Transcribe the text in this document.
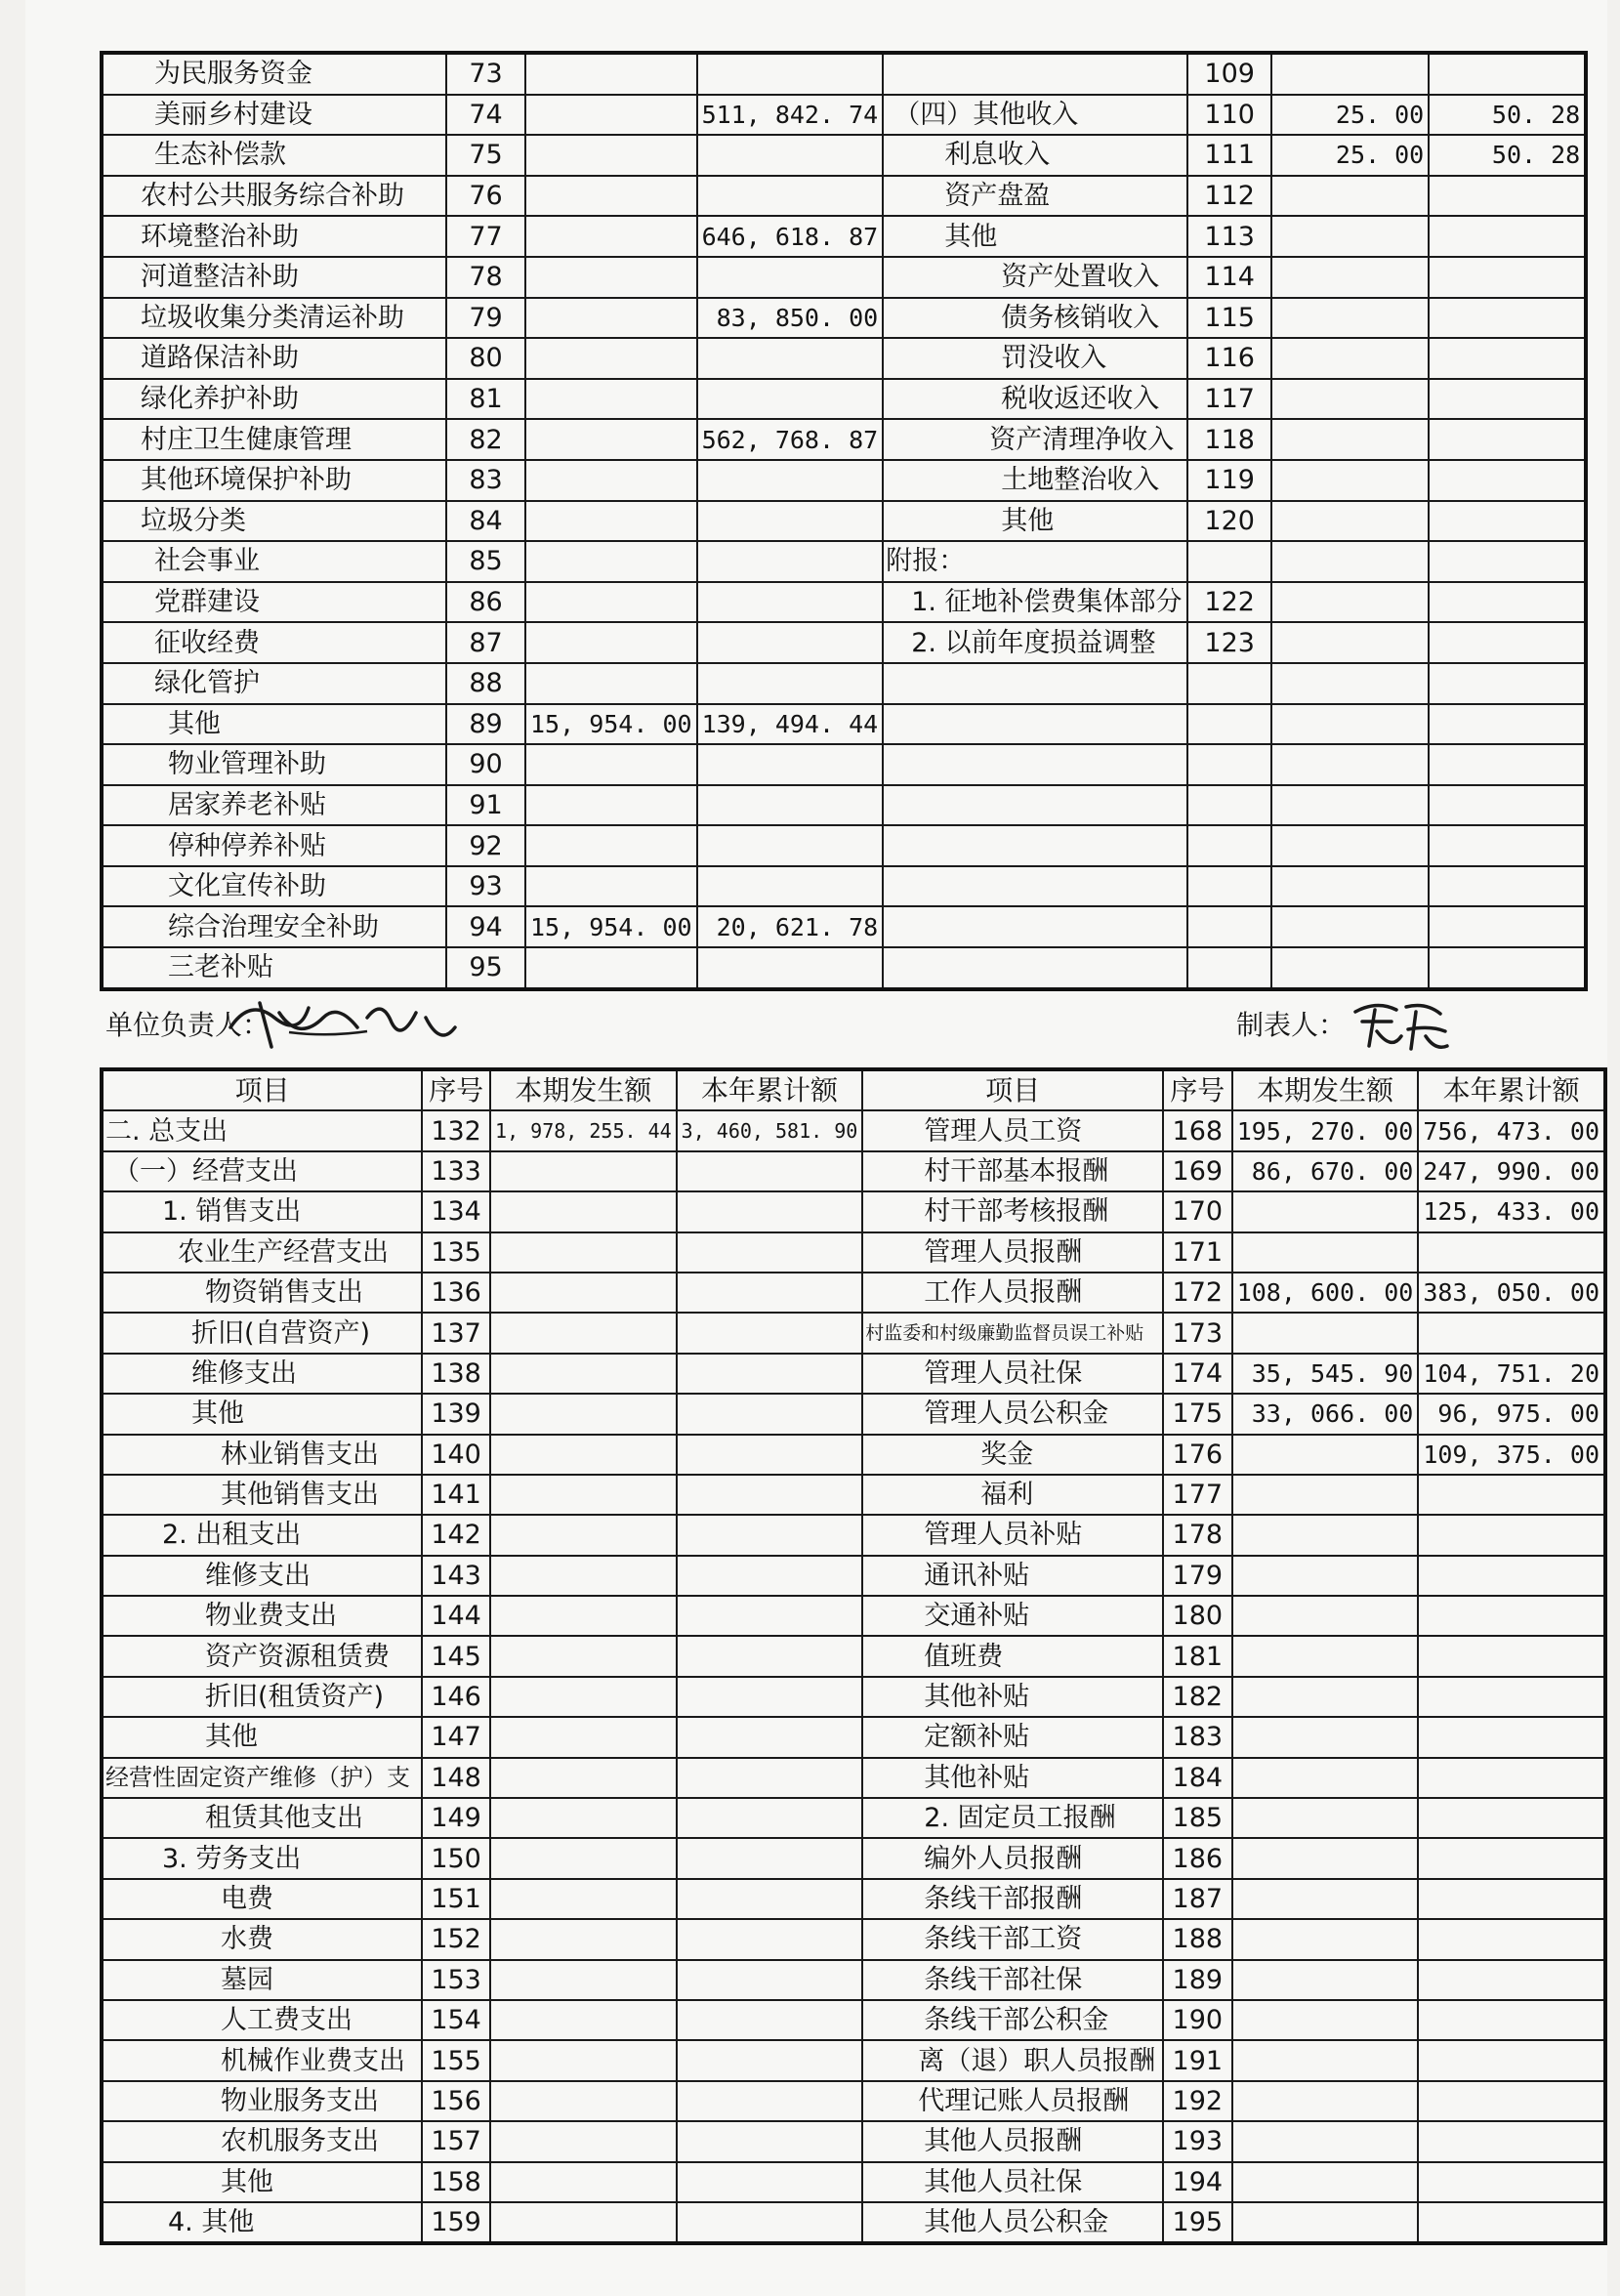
为民服务资金	73				109		
美丽乡村建设	74		511, 842. 74	（四）其他收入	110	25. 00	50. 28
生态补偿款	75			利息收入	111	25. 00	50. 28
农村公共服务综合补助	76			资产盘盈	112		
环境整治补助	77		646, 618. 87	其他	113		
河道整洁补助	78			资产处置收入	114		
垃圾收集分类清运补助	79		83, 850. 00	债务核销收入	115		
道路保洁补助	80			罚没收入	116		
绿化养护补助	81			税收返还收入	117		
村庄卫生健康管理	82		562, 768. 87	资产清理净收入	118		
其他环境保护补助	83			土地整治收入	119		
垃圾分类	84			其他	120		
社会事业	85			附报：			
党群建设	86			1. 征地补偿费集体部分	122		
征收经费	87			2. 以前年度损益调整	123		
绿化管护	88						
其他	89	15, 954. 00	139, 494. 44				
物业管理补助	90						
居家养老补贴	91						
停种停养补贴	92						
文化宣传补助	93						
综合治理安全补助	94	15, 954. 00	20, 621. 78				
三老补贴	95						
单位负责人：	制表人：
项目	序号	本期发生额	本年累计额	项目	序号	本期发生额	本年累计额
二. 总支出	132	1, 978, 255. 44	3, 460, 581. 90	管理人员工资	168	195, 270. 00	756, 473. 00
（一）经营支出	133			村干部基本报酬	169	86, 670. 00	247, 990. 00
1. 销售支出	134			村干部考核报酬	170		125, 433. 00
农业生产经营支出	135			管理人员报酬	171		
物资销售支出	136			工作人员报酬	172	108, 600. 00	383, 050. 00
折旧(自营资产)	137			村监委和村级廉勤监督员误工补贴	173		
维修支出	138			管理人员社保	174	35, 545. 90	104, 751. 20
其他	139			管理人员公积金	175	33, 066. 00	96, 975. 00
林业销售支出	140			奖金	176		109, 375. 00
其他销售支出	141			福利	177		
2. 出租支出	142			管理人员补贴	178		
维修支出	143			通讯补贴	179		
物业费支出	144			交通补贴	180		
资产资源租赁费	145			值班费	181		
折旧(租赁资产)	146			其他补贴	182		
其他	147			定额补贴	183		
经营性固定资产维修（护）支	148			其他补贴	184		
租赁其他支出	149			2. 固定员工报酬	185		
3. 劳务支出	150			编外人员报酬	186		
电费	151			条线干部报酬	187		
水费	152			条线干部工资	188		
墓园	153			条线干部社保	189		
人工费支出	154			条线干部公积金	190		
机械作业费支出	155			离（退）职人员报酬	191		
物业服务支出	156			代理记账人员报酬	192		
农机服务支出	157			其他人员报酬	193		
其他	158			其他人员社保	194		
4. 其他	159			其他人员公积金	195		
